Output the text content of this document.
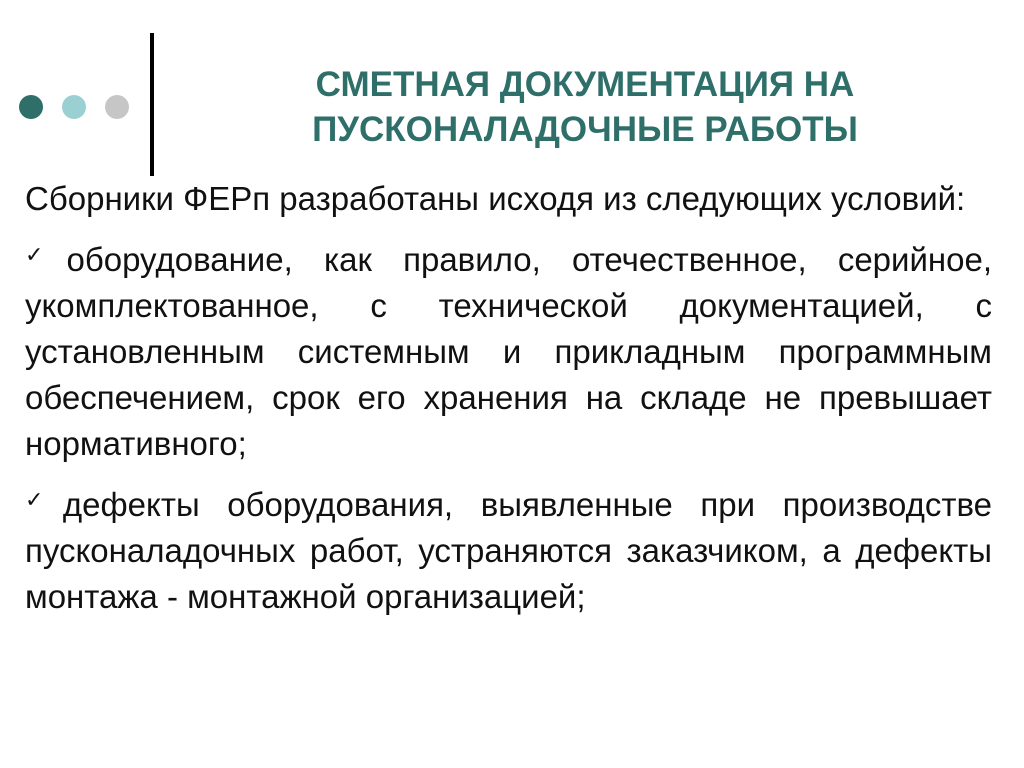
СМЕТНАЯ ДОКУМЕНТАЦИЯ НА
ПУСКОНАЛАДОЧНЫЕ РАБОТЫ
Сборники ФЕРп разработаны исходя из следующих условий:
✓оборудование, как правило, отечественное, серийное, укомплектованное, с технической документацией, с установленным системным и прикладным программным обеспечением, срок его хранения на складе не превышает нормативного;
✓дефекты оборудования, выявленные при производстве пусконаладочных работ, устраняются заказчиком, а дефекты монтажа - монтажной организацией;
